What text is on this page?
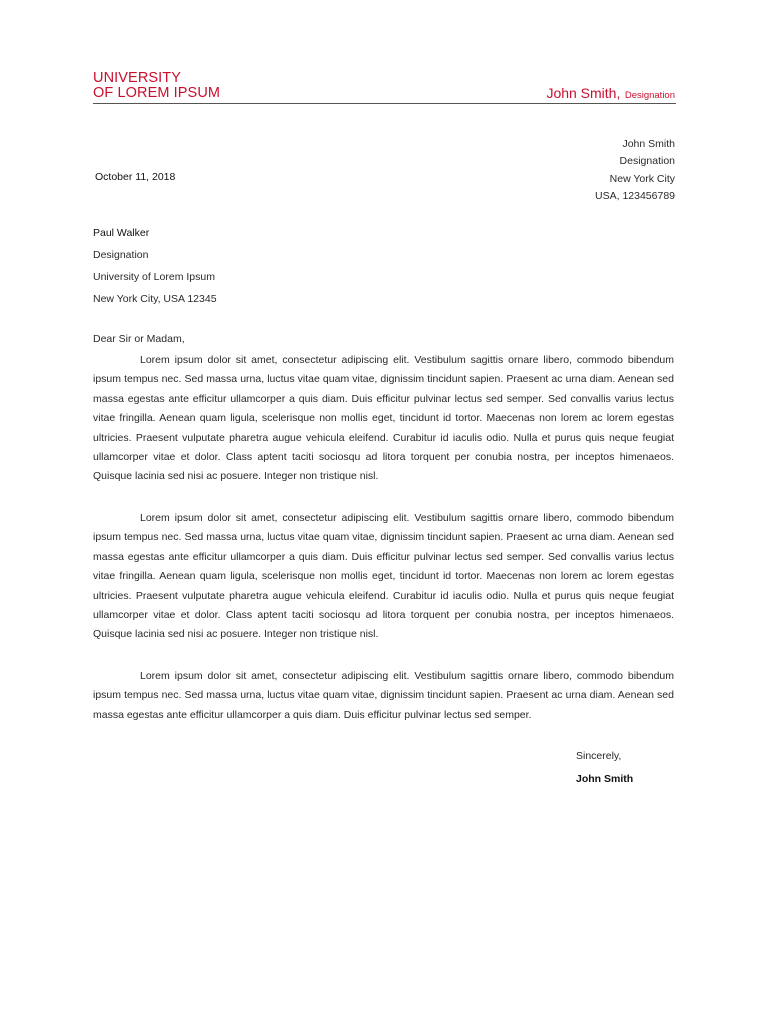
UNIVERSITY
OF LOREM IPSUM	John Smith, Designation
John Smith
Designation
New York City
USA, 123456789
October 11, 2018
Paul Walker
Designation
University of Lorem Ipsum
New York City, USA 12345
Dear Sir or Madam,

Lorem ipsum dolor sit amet, consectetur adipiscing elit. Vestibulum sagittis ornare libero, commodo bibendum ipsum tempus nec. Sed massa urna, luctus vitae quam vitae, dignissim tincidunt sapien. Praesent ac urna diam. Aenean sed massa egestas ante efficitur ullamcorper a quis diam. Duis efficitur pulvinar lectus sed semper. Sed convallis varius lectus vitae fringilla. Aenean quam ligula, scelerisque non mollis eget, tincidunt id tortor. Maecenas non lorem ac lorem egestas ultricies. Praesent vulputate pharetra augue vehicula eleifend. Curabitur id iaculis odio. Nulla et purus quis neque feugiat ullamcorper vitae et dolor. Class aptent taciti sociosqu ad litora torquent per conubia nostra, per inceptos himenaeos. Quisque lacinia sed nisi ac posuere. Integer non tristique nisl.

Lorem ipsum dolor sit amet, consectetur adipiscing elit. Vestibulum sagittis ornare libero, commodo bibendum ipsum tempus nec. Sed massa urna, luctus vitae quam vitae, dignissim tincidunt sapien. Praesent ac urna diam. Aenean sed massa egestas ante efficitur ullamcorper a quis diam. Duis efficitur pulvinar lectus sed semper. Sed convallis varius lectus vitae fringilla. Aenean quam ligula, scelerisque non mollis eget, tincidunt id tortor. Maecenas non lorem ac lorem egestas ultricies. Praesent vulputate pharetra augue vehicula eleifend. Curabitur id iaculis odio. Nulla et purus quis neque feugiat ullamcorper vitae et dolor. Class aptent taciti sociosqu ad litora torquent per conubia nostra, per inceptos himenaeos. Quisque lacinia sed nisi ac posuere. Integer non tristique nisl.

Lorem ipsum dolor sit amet, consectetur adipiscing elit. Vestibulum sagittis ornare libero, commodo bibendum ipsum tempus nec. Sed massa urna, luctus vitae quam vitae, dignissim tincidunt sapien. Praesent ac urna diam. Aenean sed massa egestas ante efficitur ullamcorper a quis diam. Duis efficitur pulvinar lectus sed semper.

Sincerely,
John Smith
